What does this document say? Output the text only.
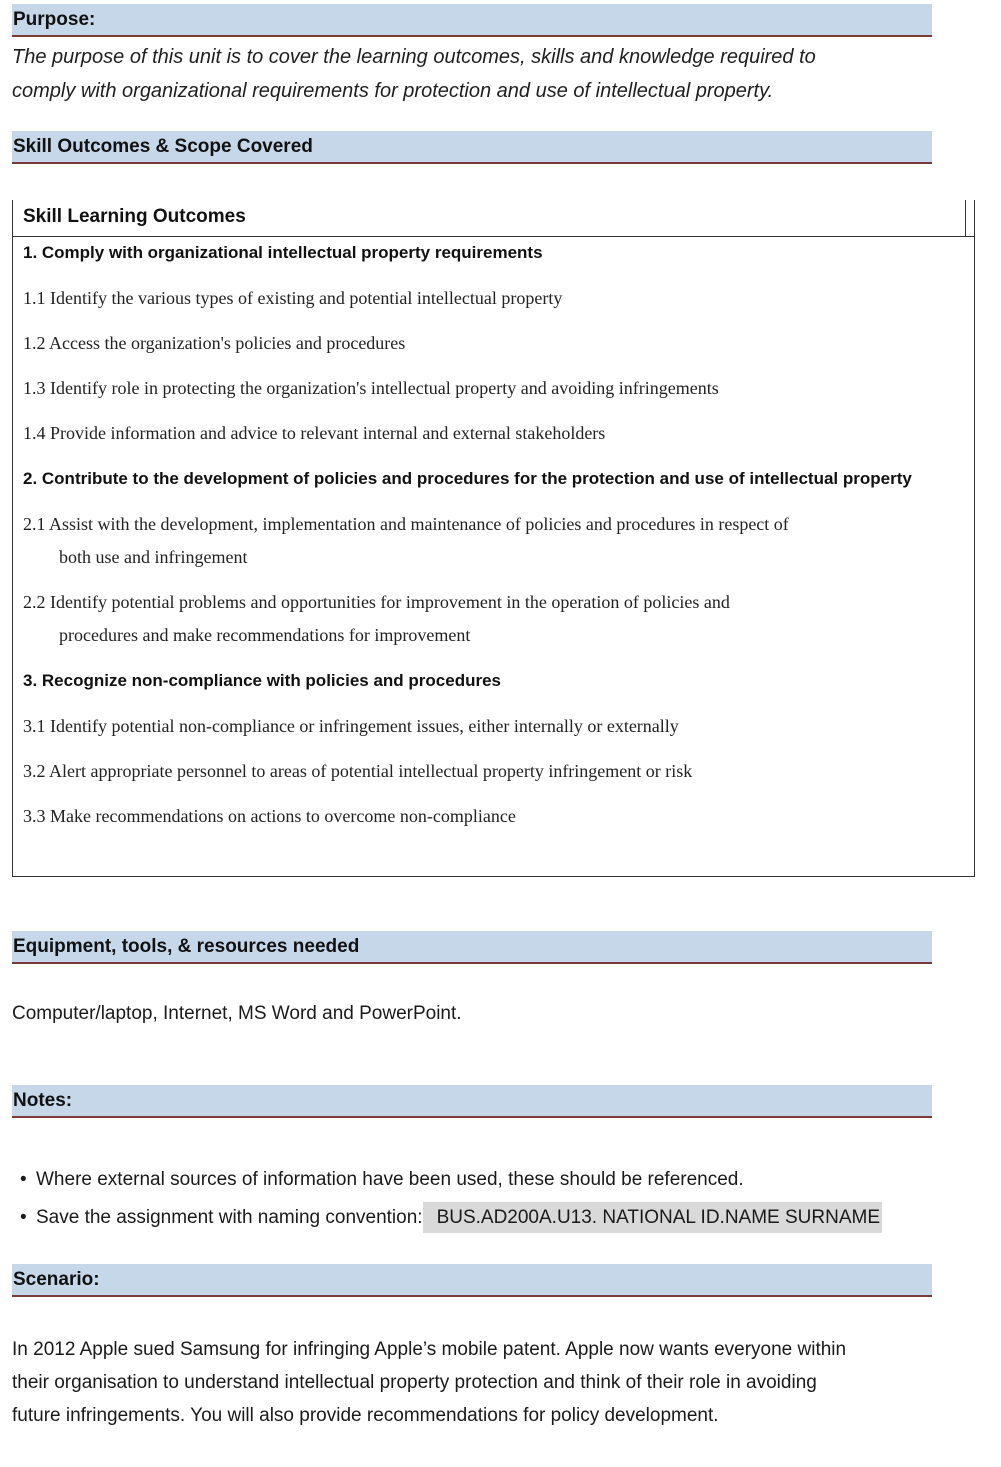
Purpose:
The purpose of this unit is to cover the learning outcomes, skills and knowledge required to
comply with organizational requirements for protection and use of intellectual property.
Skill Outcomes & Scope Covered
Skill Learning Outcomes
1. Comply with organizational intellectual property requirements
1.1 Identify the various types of existing and potential intellectual property
1.2 Access the organization's policies and procedures
1.3 Identify role in protecting the organization's intellectual property and avoiding infringements
1.4 Provide information and advice to relevant internal and external stakeholders
2. Contribute to the development of policies and procedures for the protection and use of intellectual property
2.1 Assist with the development, implementation and maintenance of policies and procedures in respect of
both use and infringement
2.2 Identify potential problems and opportunities for improvement in the operation of policies and
procedures and make recommendations for improvement
3. Recognize non-compliance with policies and procedures
3.1 Identify potential non-compliance or infringement issues, either internally or externally
3.2 Alert appropriate personnel to areas of potential intellectual property infringement or risk
3.3 Make recommendations on actions to overcome non-compliance
Equipment, tools, & resources needed
Computer/laptop, Internet, MS Word and PowerPoint.
Notes:
• Where external sources of information have been used, these should be referenced.
• Save the assignment with naming convention: BUS.AD200A.U13. NATIONAL ID.NAME SURNAME
Scenario:
In 2012 Apple sued Samsung for infringing Apple’s mobile patent. Apple now wants everyone within
their organisation to understand intellectual property protection and think of their role in avoiding
future infringements. You will also provide recommendations for policy development.
